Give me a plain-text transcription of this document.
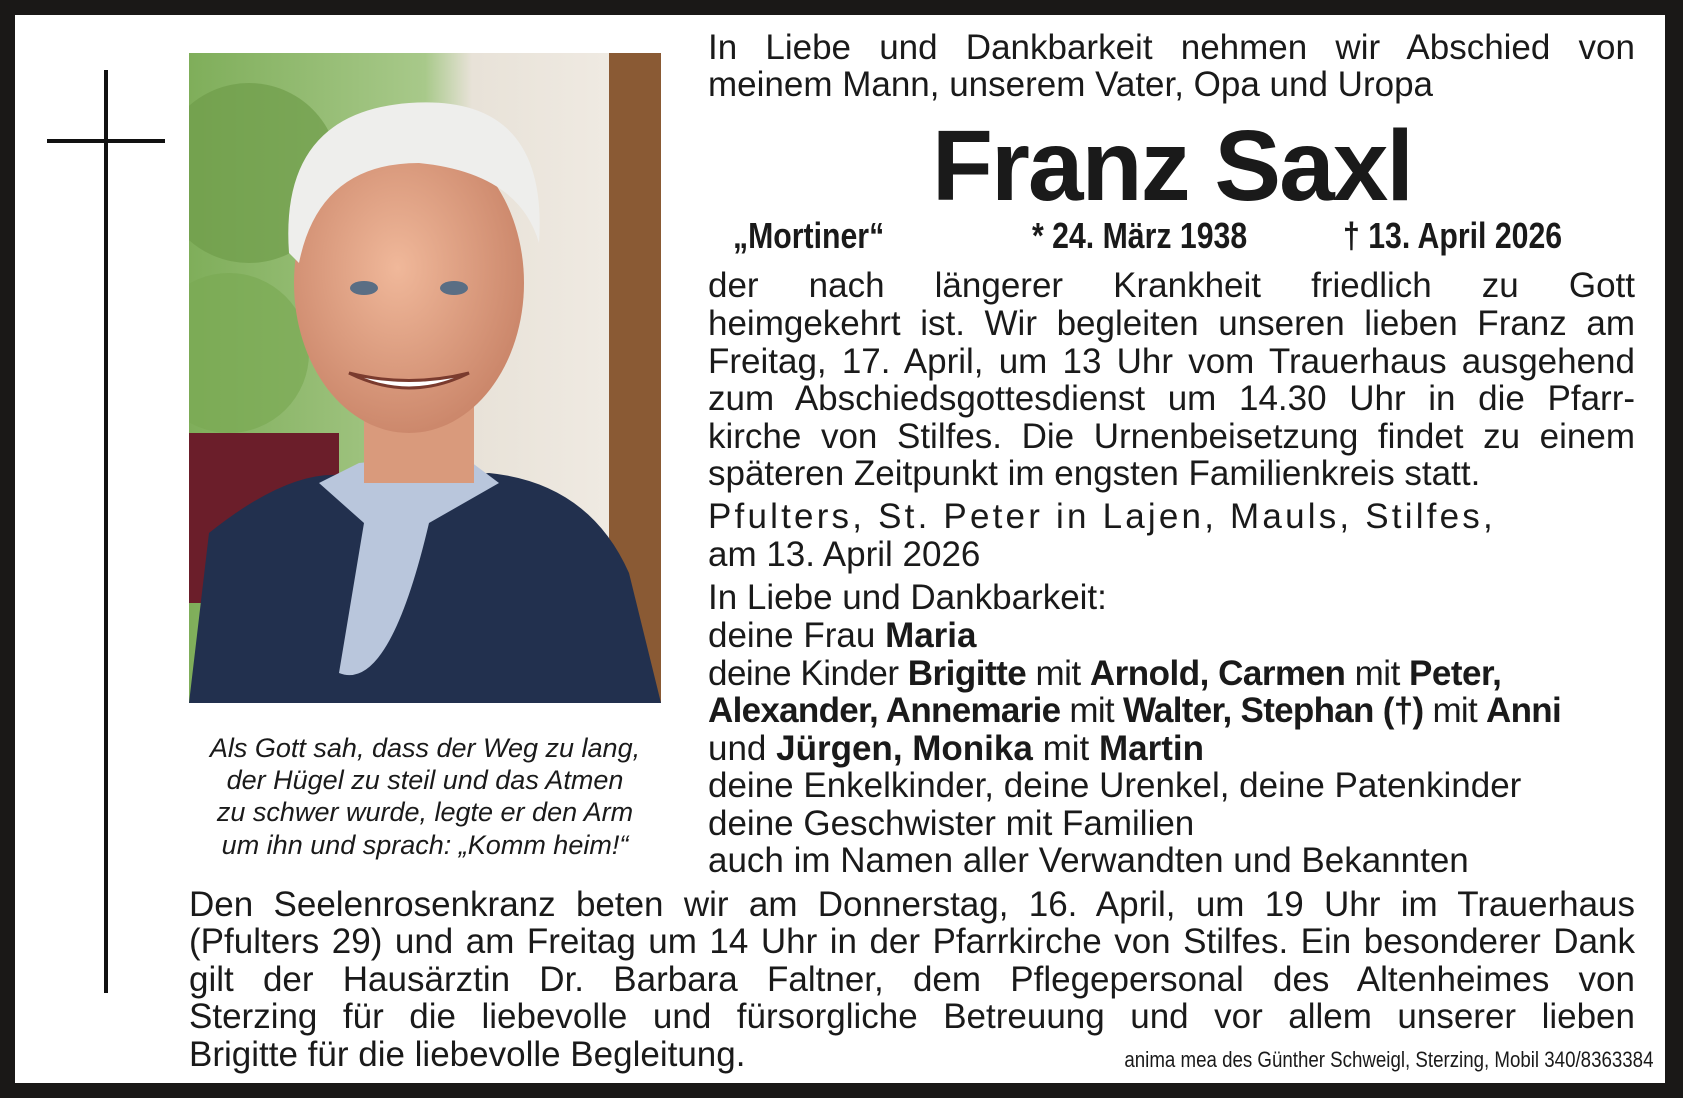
Als Gott sah, dass der Weg zu lang,
der Hügel zu steil und das Atmen
zu schwer wurde, legte er den Arm
um ihn und sprach: „Komm heim!“
In Liebe und Dankbarkeit nehmen wir Abschied von
meinem Mann, unserem Vater, Opa und Uropa
Franz Saxl
„Mortiner“	* 24. März 1938	† 13. April 2026
der nach längerer Krankheit friedlich zu Gott
heimgekehrt ist. Wir begleiten unseren lieben Franz am
Freitag, 17. April, um 13 Uhr vom Trauerhaus ausgehend
zum Abschiedsgottesdienst um 14.30 Uhr in die Pfarr-
kirche von Stilfes. Die Urnenbeisetzung findet zu einem
späteren Zeitpunkt im engsten Familienkreis statt.
Pfulters, St. Peter in Lajen, Mauls, Stilfes,
am 13. April 2026
In Liebe und Dankbarkeit:
deine Frau Maria
deine Kinder Brigitte mit Arnold, Carmen mit Peter,
Alexander, Annemarie mit Walter, Stephan (†) mit Anni
und Jürgen, Monika mit Martin
deine Enkelkinder, deine Urenkel, deine Patenkinder
deine Geschwister mit Familien
auch im Namen aller Verwandten und Bekannten
Den Seelenrosenkranz beten wir am Donnerstag, 16. April, um 19 Uhr im Trauerhaus
(Pfulters 29) und am Freitag um 14 Uhr in der Pfarrkirche von Stilfes. Ein besonderer Dank
gilt der Hausärztin Dr. Barbara Faltner, dem Pflegepersonal des Altenheimes von
Sterzing für die liebevolle und fürsorgliche Betreuung und vor allem unserer lieben
Brigitte für die liebevolle Begleitung.	anima mea des Günther Schweigl, Sterzing, Mobil 340/8363384
